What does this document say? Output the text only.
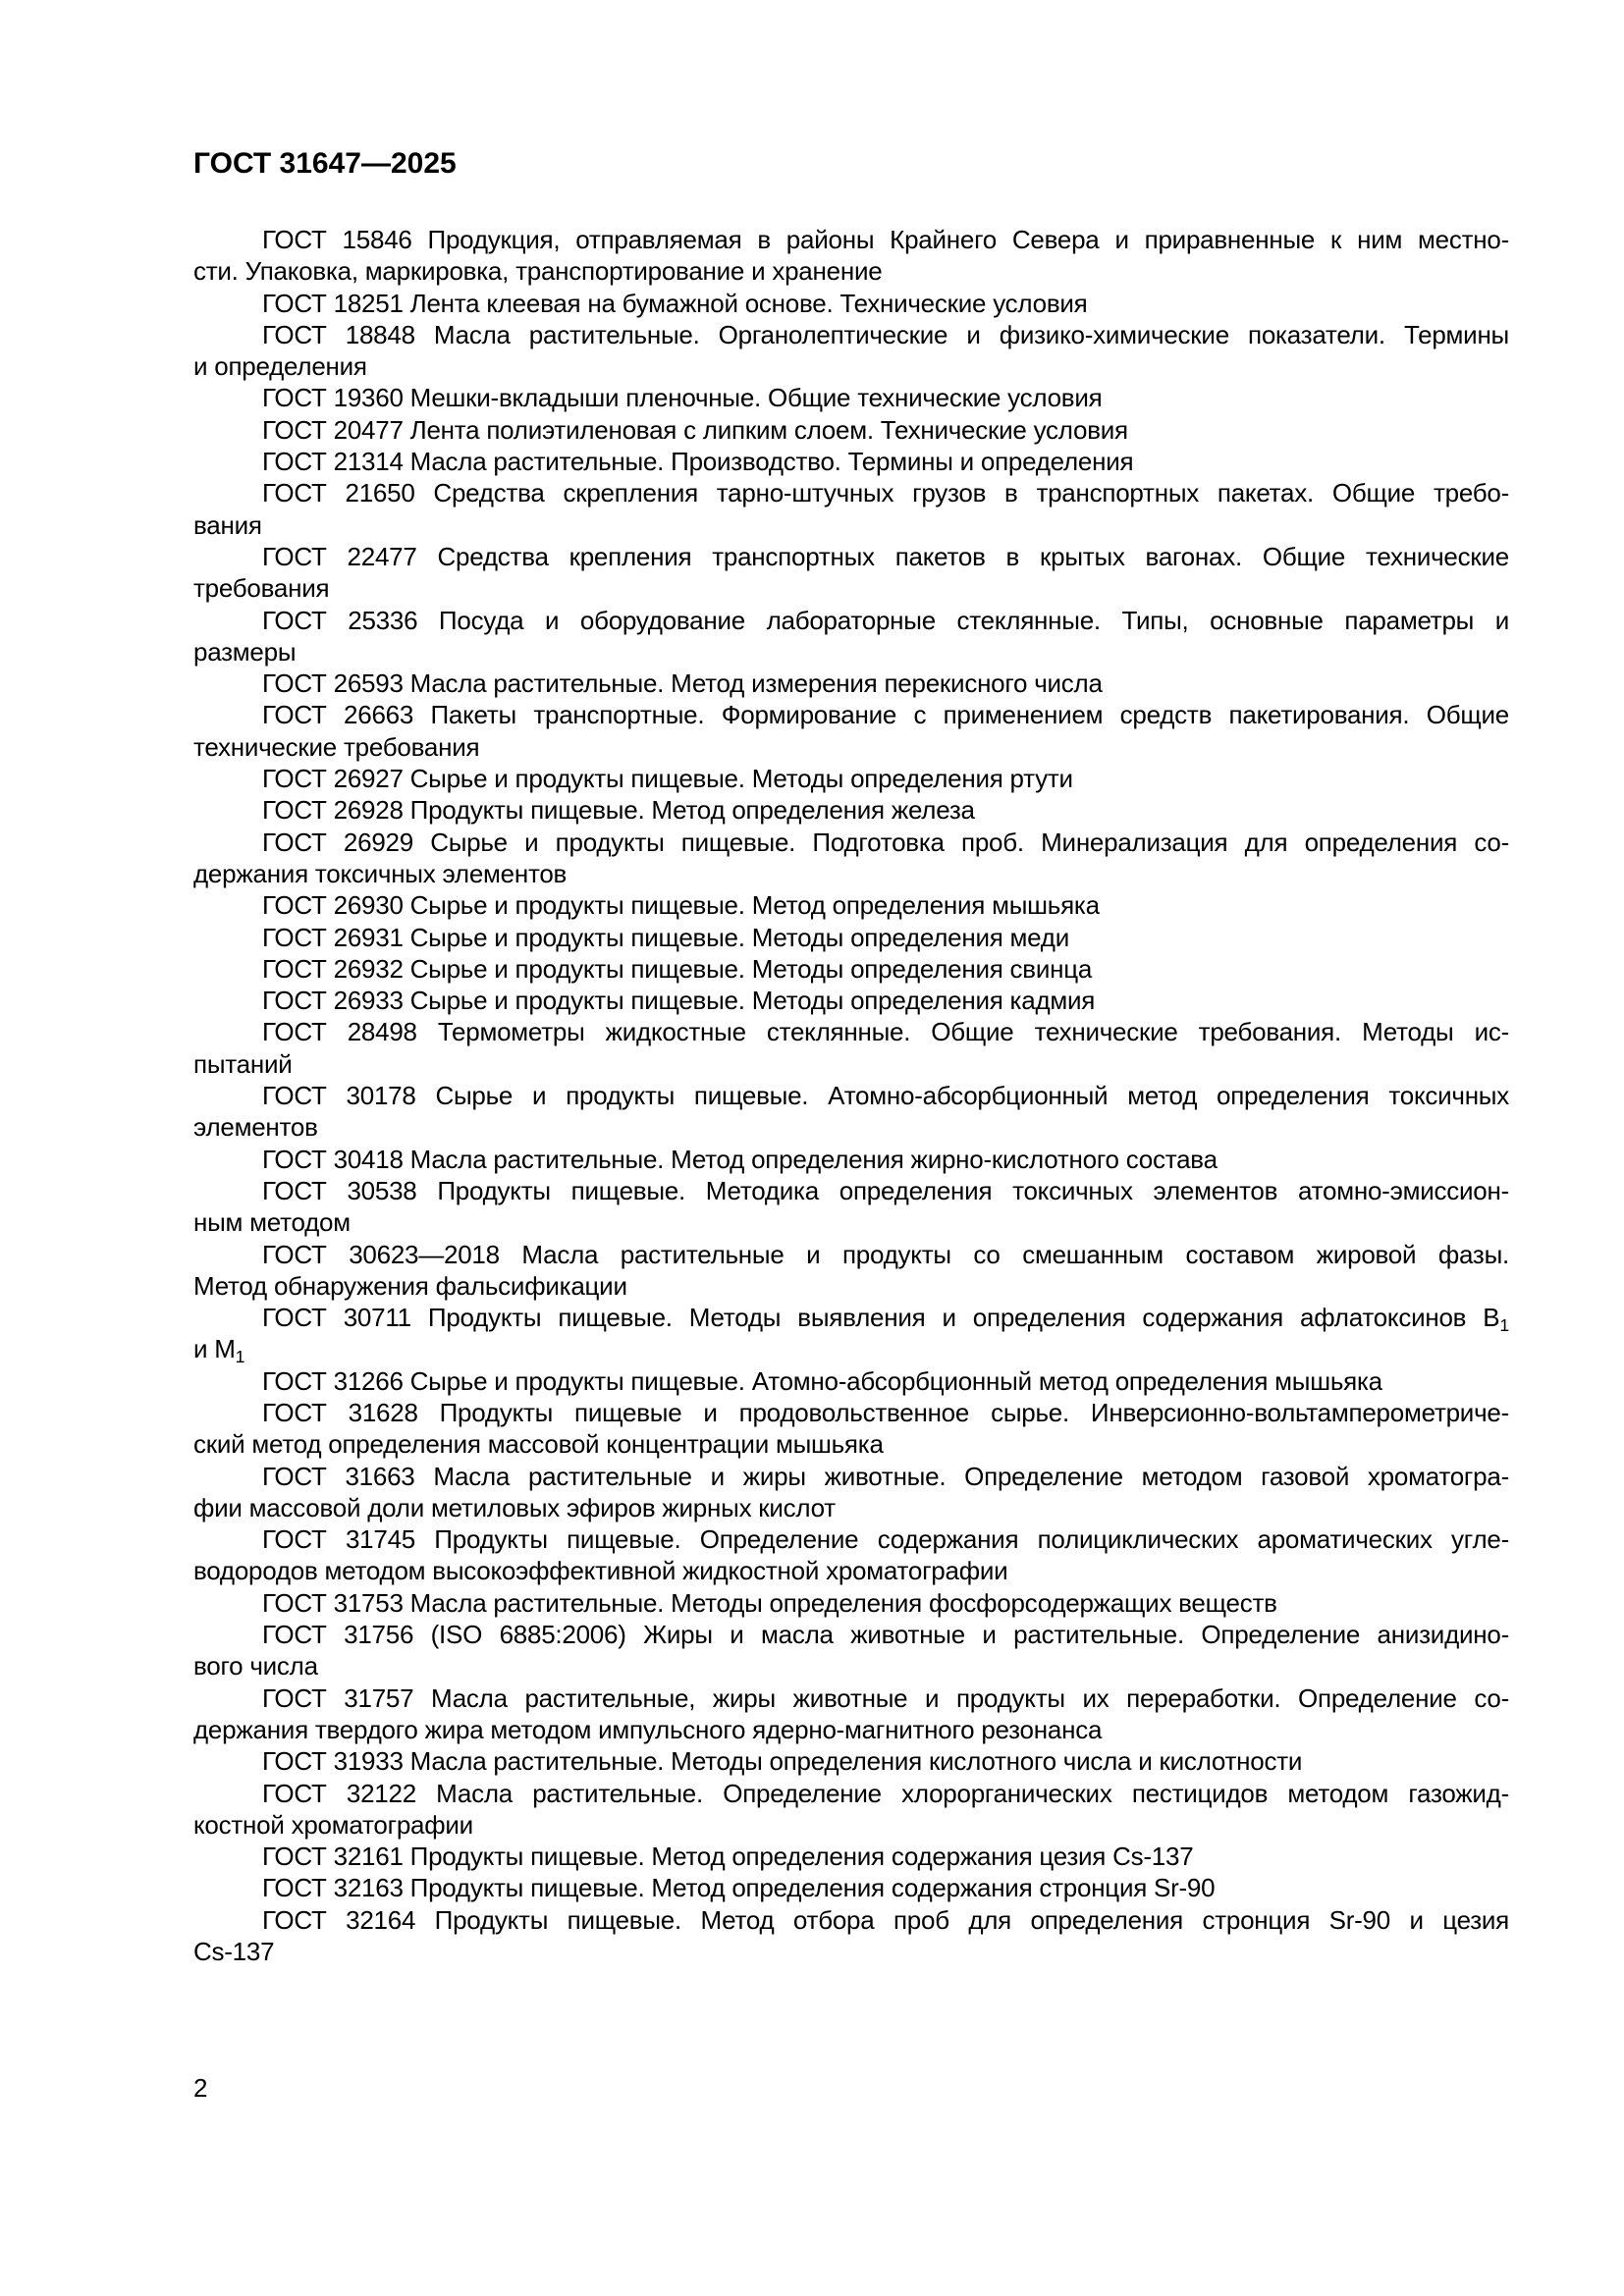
ГОСТ 31647—2025
ГОСТ 15846 Продукция, отправляемая в районы Крайнего Севера и приравненные к ним местно-
сти. Упаковка, маркировка, транспортирование и хранение
ГОСТ 18251 Лента клеевая на бумажной основе. Технические условия
ГОСТ 18848 Масла растительные. Органолептические и физико-химические показатели. Термины
и определения
ГОСТ 19360 Мешки-вкладыши пленочные. Общие технические условия
ГОСТ 20477 Лента полиэтиленовая с липким слоем. Технические условия
ГОСТ 21314 Масла растительные. Производство. Термины и определения
ГОСТ 21650 Средства скрепления тарно-штучных грузов в транспортных пакетах. Общие требо-
вания
ГОСТ 22477 Средства крепления транспортных пакетов в крытых вагонах. Общие технические
требования
ГОСТ 25336 Посуда и оборудование лабораторные стеклянные. Типы, основные параметры и
размеры
ГОСТ 26593 Масла растительные. Метод измерения перекисного числа
ГОСТ 26663 Пакеты транспортные. Формирование с применением средств пакетирования. Общие
технические требования
ГОСТ 26927 Сырье и продукты пищевые. Методы определения ртути
ГОСТ 26928 Продукты пищевые. Метод определения железа
ГОСТ 26929 Сырье и продукты пищевые. Подготовка проб. Минерализация для определения со-
держания токсичных элементов
ГОСТ 26930 Сырье и продукты пищевые. Метод определения мышьяка
ГОСТ 26931 Сырье и продукты пищевые. Методы определения меди
ГОСТ 26932 Сырье и продукты пищевые. Методы определения свинца
ГОСТ 26933 Сырье и продукты пищевые. Методы определения кадмия
ГОСТ 28498 Термометры жидкостные стеклянные. Общие технические требования. Методы ис-
пытаний
ГОСТ 30178 Сырье и продукты пищевые. Атомно-абсорбционный метод определения токсичных
элементов
ГОСТ 30418 Масла растительные. Метод определения жирно-кислотного состава
ГОСТ 30538 Продукты пищевые. Методика определения токсичных элементов атомно-эмиссион-
ным методом
ГОСТ 30623—2018 Масла растительные и продукты со смешанным составом жировой фазы.
Метод обнаружения фальсификации
ГОСТ 30711 Продукты пищевые. Методы выявления и определения содержания афлатоксинов $В_1$
и $М_1$
ГОСТ 31266 Сырье и продукты пищевые. Атомно-абсорбционный метод определения мышьяка
ГОСТ 31628 Продукты пищевые и продовольственное сырье. Инверсионно-вольтамперометриче-
ский метод определения массовой концентрации мышьяка
ГОСТ 31663 Масла растительные и жиры животные. Определение методом газовой хроматогра-
фии массовой доли метиловых эфиров жирных кислот
ГОСТ 31745 Продукты пищевые. Определение содержания полициклических ароматических угле-
водородов методом высокоэффективной жидкостной хроматографии
ГОСТ 31753 Масла растительные. Методы определения фосфорсодержащих веществ
ГОСТ 31756 (ISO 6885:2006) Жиры и масла животные и растительные. Определение анизидино-
вого числа
ГОСТ 31757 Масла растительные, жиры животные и продукты их переработки. Определение со-
держания твердого жира методом импульсного ядерно-магнитного резонанса
ГОСТ 31933 Масла растительные. Методы определения кислотного числа и кислотности
ГОСТ 32122 Масла растительные. Определение хлорорганических пестицидов методом газожид-
костной хроматографии
ГОСТ 32161 Продукты пищевые. Метод определения содержания цезия Cs-137
ГОСТ 32163 Продукты пищевые. Метод определения содержания стронция Sr-90
ГОСТ 32164 Продукты пищевые. Метод отбора проб для определения стронция Sr-90 и цезия
Cs-137
2
